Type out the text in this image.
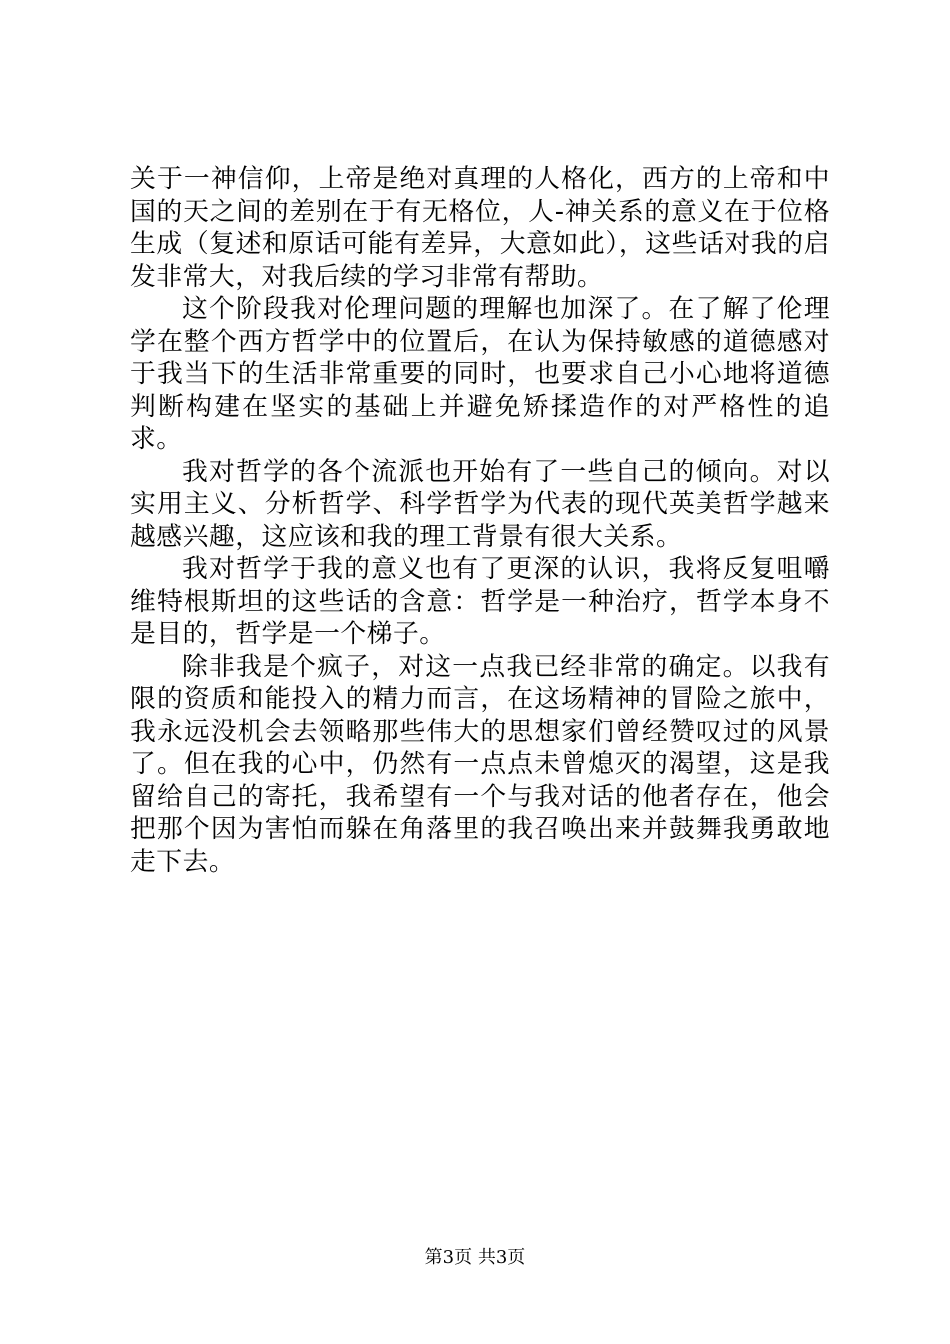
关于一神信仰，上帝是绝对真理的人格化，西方的上帝和中国的天之间的差别在于有无格位，人-神关系的意义在于位格生成（复述和原话可能有差异，大意如此），这些话对我的启发非常大，对我后续的学习非常有帮助。

这个阶段我对伦理问题的理解也加深了。在了解了伦理学在整个西方哲学中的位置后，在认为保持敏感的道德感对于我当下的生活非常重要的同时，也要求自己小心地将道德判断构建在坚实的基础上并避免矫揉造作的对严格性的追求。

我对哲学的各个流派也开始有了一些自己的倾向。对以实用主义、分析哲学、科学哲学为代表的现代英美哲学越来越感兴趣，这应该和我的理工背景有很大关系。

我对哲学于我的意义也有了更深的认识，我将反复咀嚼维特根斯坦的这些话的含意：哲学是一种治疗，哲学本身不是目的，哲学是一个梯子。

除非我是个疯子，对这一点我已经非常的确定。以我有限的资质和能投入的精力而言，在这场精神的冒险之旅中，我永远没机会去领略那些伟大的思想家们曾经赞叹过的风景了。但在我的心中，仍然有一点点未曾熄灭的渴望，这是我留给自己的寄托，我希望有一个与我对话的他者存在，他会把那个因为害怕而躲在角落里的我召唤出来并鼓舞我勇敢地走下去。

第3页 共3页
